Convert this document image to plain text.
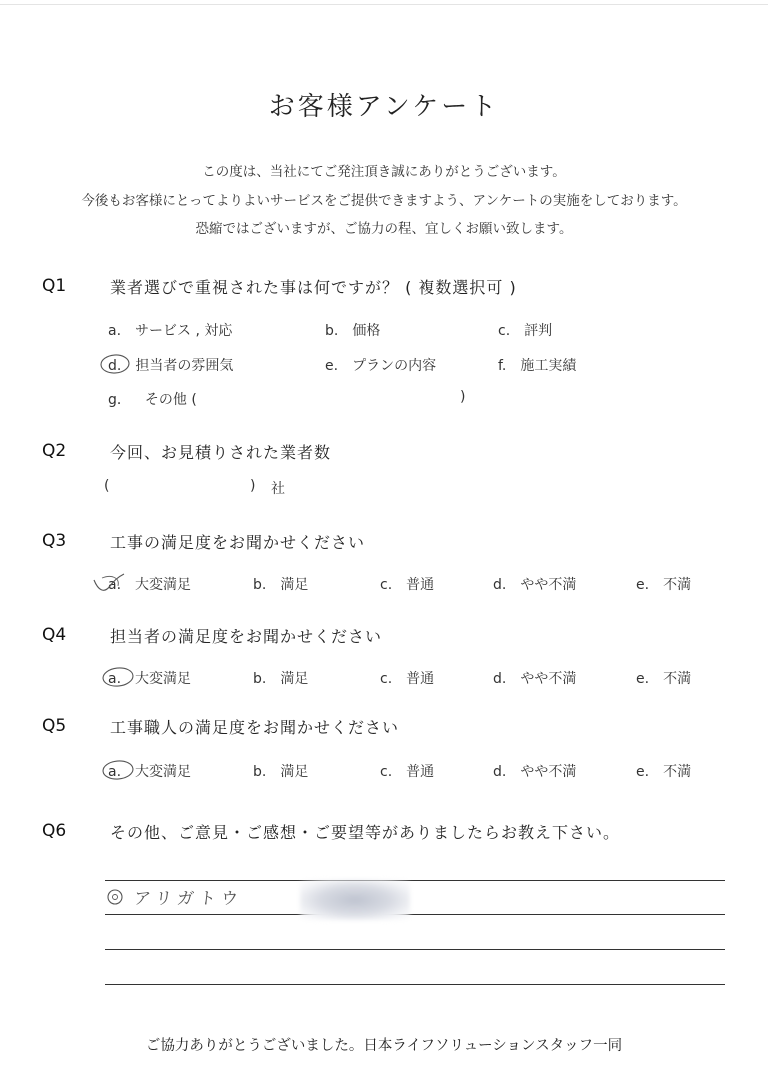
お客様アンケート
この度は、当社にてご発注頂き誠にありがとうございます。
今後もお客様にとってよりよいサービスをご提供できますよう、アンケートの実施をしております。
恐縮ではございますが、ご協力の程、宜しくお願い致します。
Q1	業者選びで重視された事は何ですが？ ( 複数選択可 )
a. サービス , 対応	b. 価格	c. 評判
d. 担当者の雰囲気	e. プランの内容	f. 施工実績
g． その他 (	)
Q2	今回、お見積りされた業者数
(	) 社
Q3	工事の満足度をお聞かせください
a. 大変満足	b. 満足	c. 普通	d. やや不満	e. 不満
Q4	担当者の満足度をお聞かせください
a. 大変満足	b. 満足	c. 普通	d. やや不満	e. 不満
Q5	工事職人の満足度をお聞かせください
a. 大変満足	b. 満足	c. 普通	d. やや不満	e. 不満
Q6	その他、ご意見・ご感想・ご要望等がありましたらお教え下さい。
アリガトウ
ご協力ありがとうございました。日本ライフソリューションスタッフ一同
